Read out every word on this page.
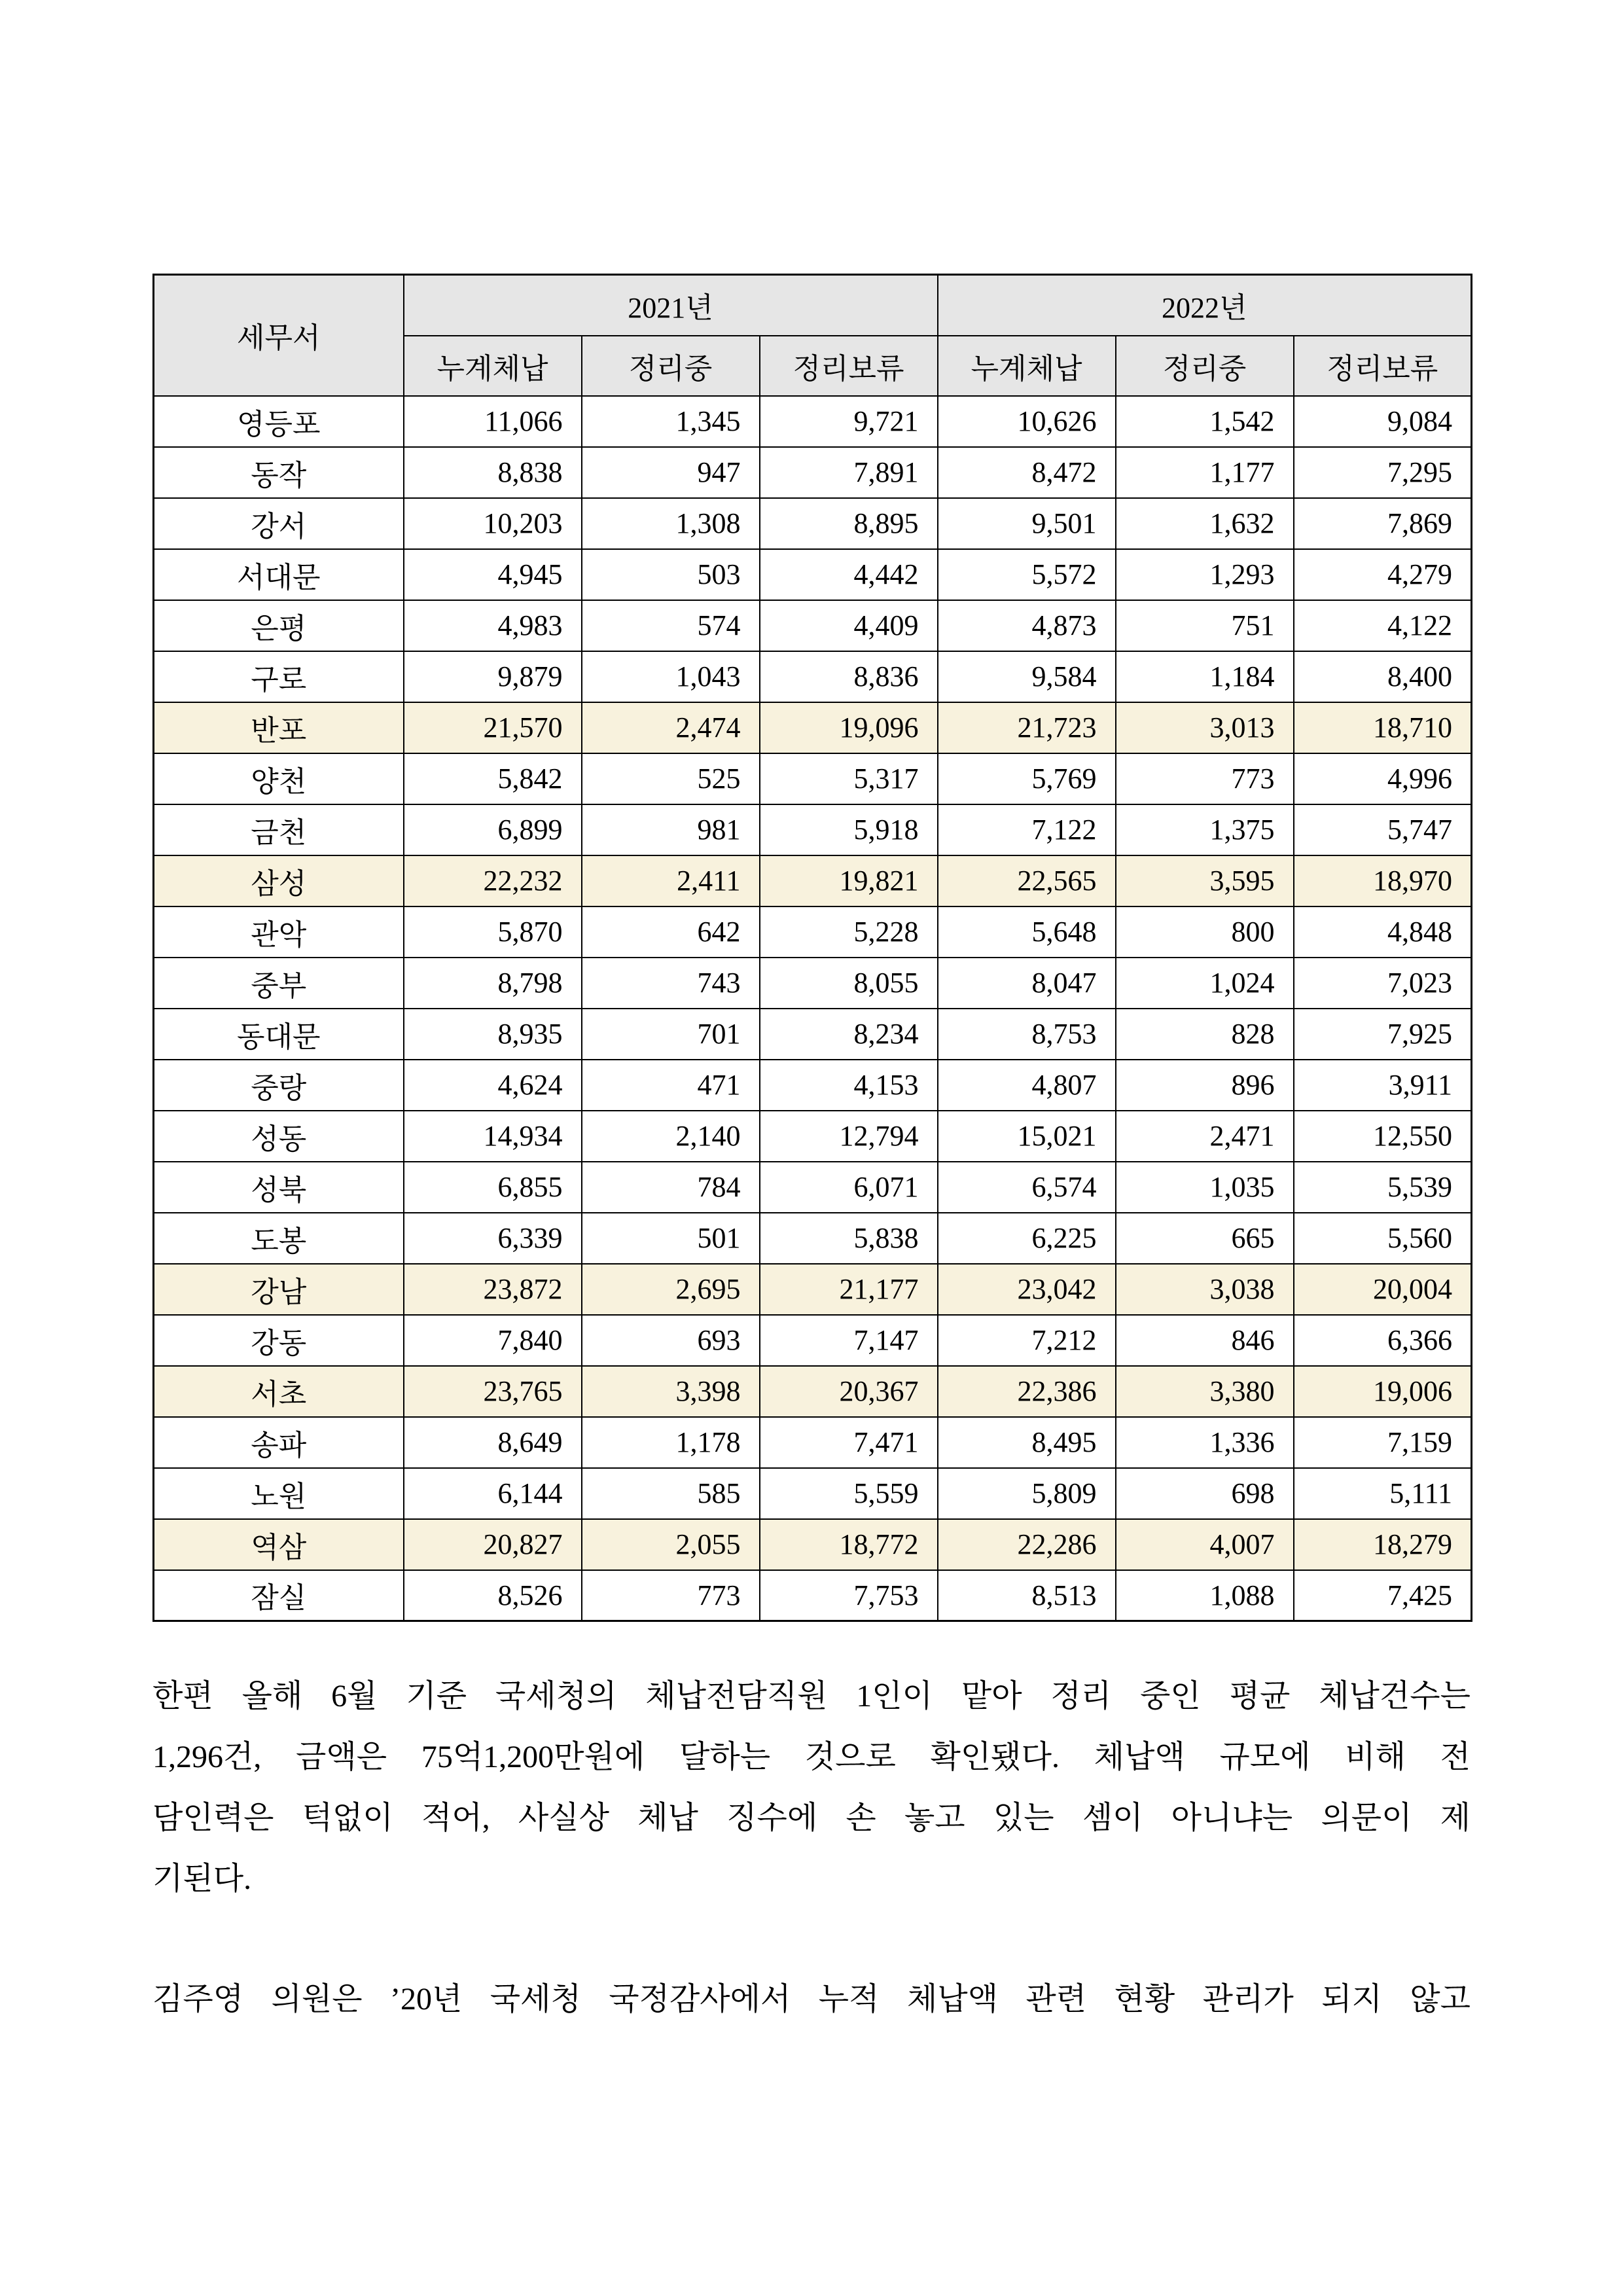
세무서	2021년			2022년		
	누계체납	정리중	정리보류	누계체납	정리중	정리보류
영등포	11,066	1,345	9,721	10,626	1,542	9,084
동작	8,838	947	7,891	8,472	1,177	7,295
강서	10,203	1,308	8,895	9,501	1,632	7,869
서대문	4,945	503	4,442	5,572	1,293	4,279
은평	4,983	574	4,409	4,873	751	4,122
구로	9,879	1,043	8,836	9,584	1,184	8,400
반포	21,570	2,474	19,096	21,723	3,013	18,710
양천	5,842	525	5,317	5,769	773	4,996
금천	6,899	981	5,918	7,122	1,375	5,747
삼성	22,232	2,411	19,821	22,565	3,595	18,970
관악	5,870	642	5,228	5,648	800	4,848
중부	8,798	743	8,055	8,047	1,024	7,023
동대문	8,935	701	8,234	8,753	828	7,925
중랑	4,624	471	4,153	4,807	896	3,911
성동	14,934	2,140	12,794	15,021	2,471	12,550
성북	6,855	784	6,071	6,574	1,035	5,539
도봉	6,339	501	5,838	6,225	665	5,560
강남	23,872	2,695	21,177	23,042	3,038	20,004
강동	7,840	693	7,147	7,212	846	6,366
서초	23,765	3,398	20,367	22,386	3,380	19,006
송파	8,649	1,178	7,471	8,495	1,336	7,159
노원	6,144	585	5,559	5,809	698	5,111
역삼	20,827	2,055	18,772	22,286	4,007	18,279
잠실	8,526	773	7,753	8,513	1,088	7,425
한편 올해 6월 기준 국세청의 체납전담직원 1인이 맡아 정리 중인 평균 체납건수는
1,296건, 금액은 75억1,200만원에 달하는 것으로 확인됐다. 체납액 규모에 비해 전
담인력은 턱없이 적어, 사실상 체납 징수에 손 놓고 있는 셈이 아니냐는 의문이 제
기된다.
김주영 의원은 ’20년 국세청 국정감사에서 누적 체납액 관련 현황 관리가 되지 않고
